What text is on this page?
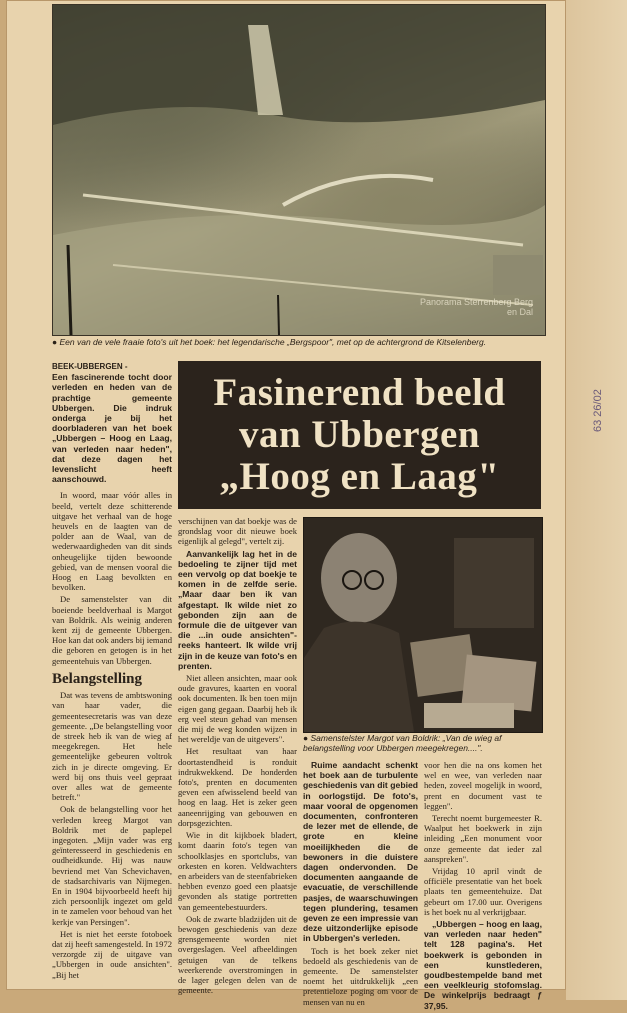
Panorama Sterrenberg Berg en Dal
● Een van de vele fraaie foto's uit het boek: het legendarische „Bergspoor", met op de achtergrond de Kitselenberg.
BEEK-UBBERGEN -
Een fascinerende tocht door verleden en heden van de prachtige gemeente Ubbergen. Die indruk onderga je bij het doorbladeren van het boek „Ubbergen – Hoog en Laag, van verleden naar heden", dat deze dagen het levenslicht heeft aanschouwd.

In woord, maar vóór alles in beeld, vertelt deze schitterende uitgave het verhaal van de hoge heuvels en de laagten van de polder aan de Waal, van de wederwaardigheden van dit sinds onheugelijke tijden bewoonde gebied, van de mensen vooral die Hoog en Laag bevolkten en bevolken.

De samenstelster van dit boeiende beeldverhaal is Margot van Boldrik. Als weinig anderen kent zij de gemeente Ubbergen. Hoe kan dat ook anders bij iemand die geboren en getogen is in het gemeentehuis van Ubbergen.

Belangstelling

Dat was tevens de ambtswoning van haar vader, die gemeentesecretaris was van deze gemeente. „De belangstelling voor de streek heb ik van de wieg af meegekregen. Het hele gemeentelijke gebeuren voltrok zich in je directe omgeving. Er werd bij ons thuis veel gepraat over alles wat de gemeente betreft."

Ook de belangstelling voor het verleden kreeg Margot van Boldrik met de paplepel ingegoten. „Mijn vader was erg geïnteresseerd in geschiedenis en oudheidkunde. Hij was nauw bevriend met Van Schevichaven, de stadsarchivaris van Nijmegen. En in 1904 bijvoorbeeld heeft hij zich persoonlijk ingezet om geld in te zamelen voor behoud van het kerkje van Persingen".

Het is niet het eerste fotoboek dat zij heeft samengesteld. In 1972 verzorgde zij de uitgave van „Ubbergen in oude ansichten". „Bij het

Fasinerend beeld
van Ubbergen
„Hoog en Laag"

verschijnen van dat boekje was de grondslag voor dit nieuwe boek eigenlijk al gelegd", vertelt zij.

Aanvankelijk lag het in de bedoeling te zijner tijd met een vervolg op dat boekje te komen in de zelfde serie. „Maar daar ben ik van afgestapt. Ik wilde niet zo gebonden zijn aan de formule die de uitgever van die ...in oude ansichten"-reeks hanteert. Ik wilde vrij zijn in de keuze van foto's en prenten.

Niet alleen ansichten, maar ook oude gravures, kaarten en vooral ook documenten. Ik ben toen mijn eigen gang gegaan. Daarbij heb ik erg veel steun gehad van mensen die mij de weg konden wijzen in het wereldje van de uitgevers".

Het resultaat van haar doortastendheid is ronduit indrukwekkend. De honderden foto's, prenten en documenten geven een afwisselend beeld van hoog en laag. Het is zeker geen aaneenrijging van gebouwen en dorpsgezichten.

Wie in dit kijkboek bladert, komt daarin foto's tegen van schoolklasjes en sportclubs, van orkesten en koren. Veldwachters en arbeiders van de steenfabrieken hebben evenzo goed een plaatsje gevonden als statige portretten van gemeentebestuurders.

Ook de zwarte bladzijden uit de bewogen geschiedenis van deze grensgemeente worden niet overgeslagen. Veel afbeeldingen getuigen van de telkens weerkerende overstromingen in de lager gelegen delen van de gemeente.

● Samenstelster Margot van Boldrik: „Van de wieg af belangstelling voor Ubbergen meegekregen....".

Ruime aandacht schenkt het boek aan de turbulente geschiedenis van dit gebied in oorlogstijd. De foto's, maar vooral de opgenomen documenten, confronteren de lezer met de ellende, de grote en kleine moeilijkheden die de bewoners in die duistere dagen ondervonden. De documenten aangaande de evacuatie, de verschillende pasjes, de waarschuwingen tegen plundering, tesamen geven ze een impressie van deze uitzonderlijke episode in Ubbergen's verleden.

Toch is het boek zeker niet bedoeld als geschiedenis van de gemeente. De samenstelster noemt het uitdrukkelijk „een pretentieloze poging om voor de mensen van nu en

voor hen die na ons komen het wel en wee, van verleden naar heden, zoveel mogelijk in woord, prent en document vast te leggen".

Terecht noemt burgemeester R. Waalput het boekwerk in zijn inleiding „Een monument voor onze gemeente dat ieder zal aanspreken".

Vrijdag 10 april vindt de officiële presentatie van het boek plaats ten gemeentehuize. Dat gebeurt om 17.00 uur. Overigens is het boek nu al verkrijgbaar.

„Ubbergen – hoog en laag, van verleden naar heden" telt 128 pagina's. Het boekwerk is gebonden in een kunstlederen, goudbestempelde band met een veelkleurig stofomslag. De winkelprijs bedraagt ƒ 37,95.

63 26/02
